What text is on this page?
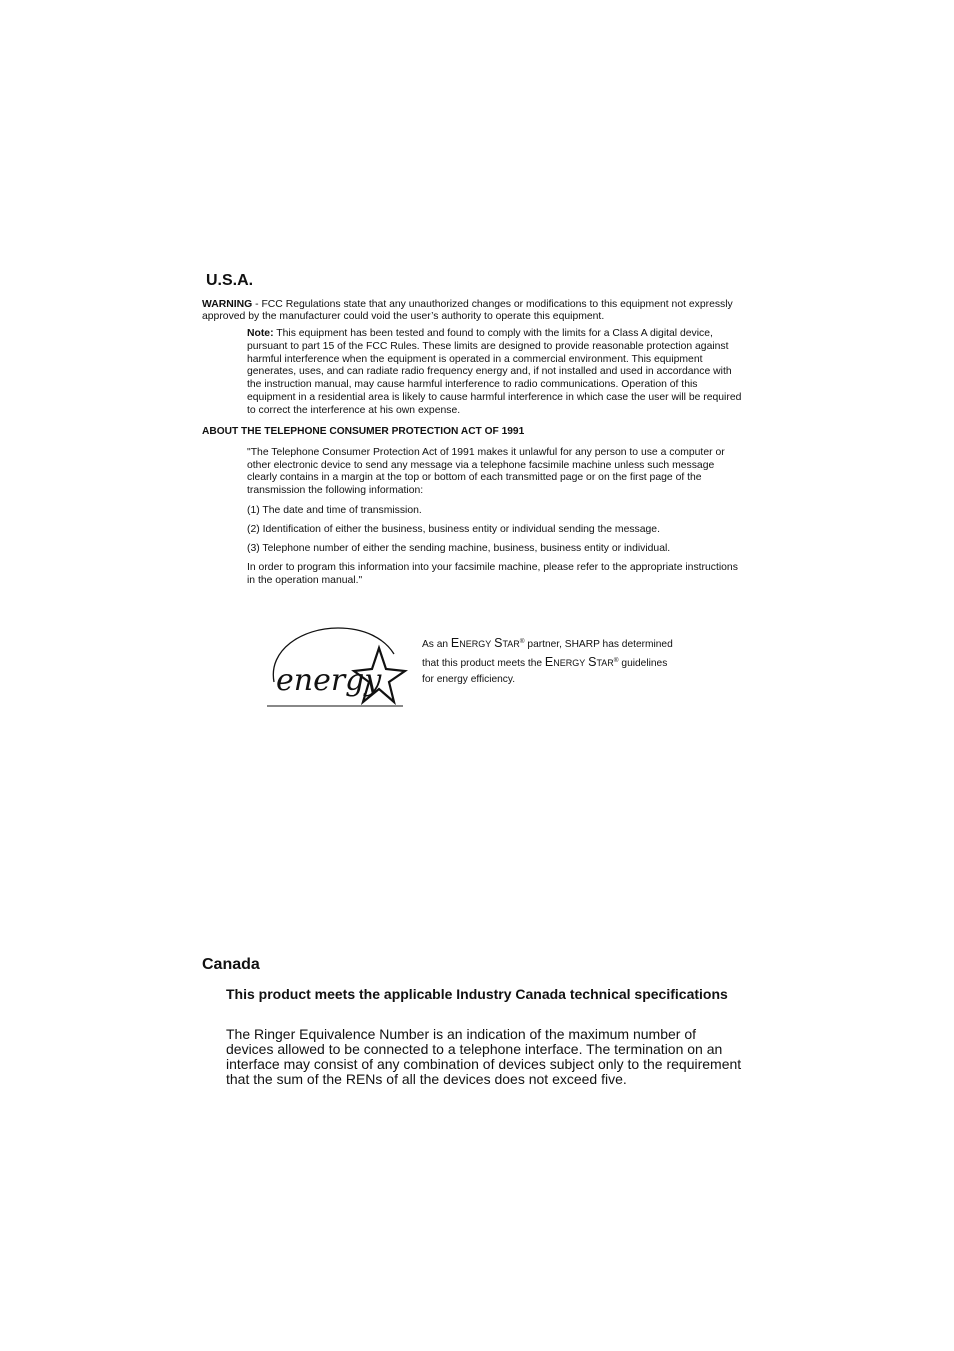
U.S.A.

WARNING - FCC Regulations state that any unauthorized changes or modifications to this equipment not expressly approved by the manufacturer could void the user’s authority to operate this equipment.

Note: This equipment has been tested and found to comply with the limits for a Class A digital device, pursuant to part 15 of the FCC Rules. These limits are designed to provide reasonable protection against harmful interference when the equipment is operated in a commercial environment. This equipment generates, uses, and can radiate radio frequency energy and, if not installed and used in accordance with the instruction manual, may cause harmful interference to radio communications. Operation of this equipment in a residential area is likely to cause harmful interference in which case the user will be required to correct the interference at his own expense.

ABOUT THE TELEPHONE CONSUMER PROTECTION ACT OF 1991

"The Telephone Consumer Protection Act of 1991 makes it unlawful for any person to use a computer or other electronic device to send any message via a telephone facsimile machine unless such message clearly contains in a margin at the top or bottom of each transmitted page or on the first page of the transmission the following information:

(1) The date and time of transmission.

(2) Identification of either the business, business entity or individual sending the message.

(3) Telephone number of either the sending machine, business, business entity or individual.

In order to program this information into your facsimile machine, please refer to the appropriate instructions in the operation manual."

energy

As an ENERGY STAR® partner, SHARP has determined
that this product meets the ENERGY STAR® guidelines
for energy efficiency.

Canada

This product meets the applicable Industry Canada technical specifications

The Ringer Equivalence Number is an indication of the maximum number of devices allowed to be connected to a telephone interface. The termination on an interface may consist of any combination of devices subject only to the requirement that the sum of the RENs of all the devices does not exceed five.
